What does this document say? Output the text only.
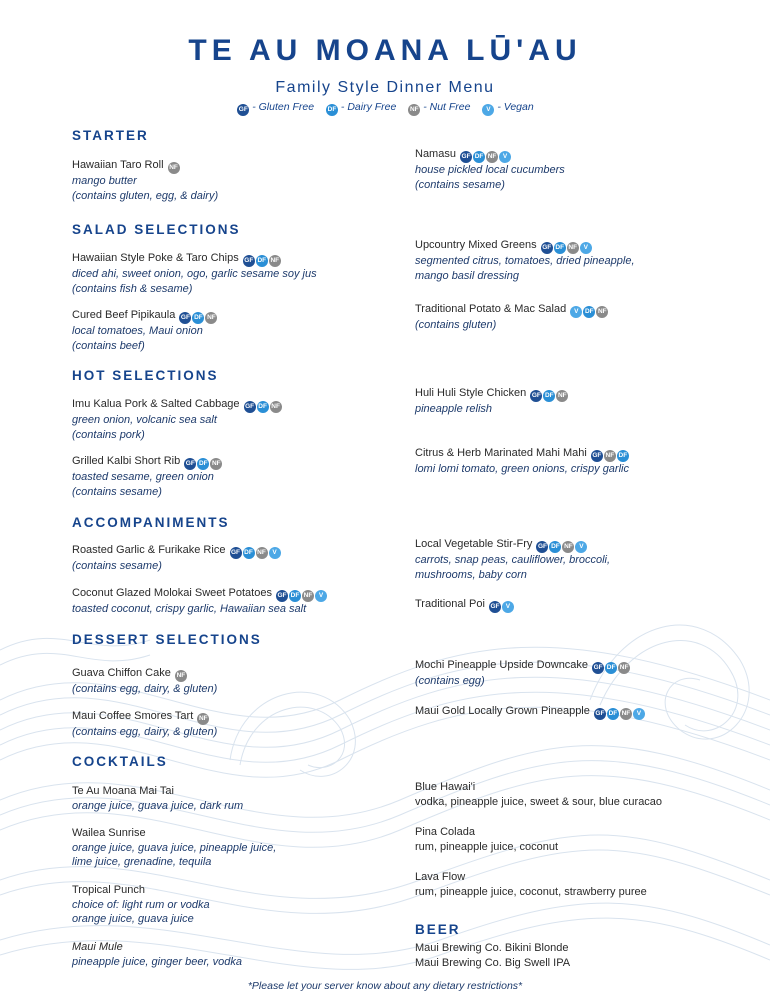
TE AU MOANA LŪ'AU
Family Style Dinner Menu
GF - Gluten Free DF - Dairy Free NF - Nut Free V - Vegan
STARTER
Hawaiian Taro Roll NF
mango butter
(contains gluten, egg, & dairy)
Namasu GF DF NF V
house pickled local cucumbers
(contains sesame)
SALAD SELECTIONS
Hawaiian Style Poke & Taro Chips GF DF NF
diced ahi, sweet onion, ogo, garlic sesame soy jus
(contains fish & sesame)
Cured Beef Pipikaula GF DF NF
local tomatoes, Maui onion
(contains beef)
Upcountry Mixed Greens GF DF NF V
segmented citrus, tomatoes, dried pineapple,
mango basil dressing
Traditional Potato & Mac Salad V DF NF
(contains gluten)
HOT SELECTIONS
Imu Kalua Pork & Salted Cabbage GF DF NF
green onion, volcanic sea salt
(contains pork)
Grilled Kalbi Short Rib GF DF NF
toasted sesame, green onion
(contains sesame)
Huli Huli Style Chicken GF DF NF
pineapple relish
Citrus & Herb Marinated Mahi Mahi GF NF DF
lomi lomi tomato, green onions, crispy garlic
ACCOMPANIMENTS
Roasted Garlic & Furikake Rice GF DF NF V
(contains sesame)
Coconut Glazed Molokai Sweet Potatoes GF DF NF V
toasted coconut, crispy garlic, Hawaiian sea salt
Local Vegetable Stir-Fry GF DF NF V
carrots, snap peas, cauliflower, broccoli,
mushrooms, baby corn
Traditional Poi GF V
DESSERT SELECTIONS
Guava Chiffon Cake NF
(contains egg, dairy, & gluten)
Maui Coffee Smores Tart NF
(contains egg, dairy, & gluten)
Mochi Pineapple Upside Downcake GF DF NF
(contains egg)
Maui Gold Locally Grown Pineapple GF DF NF V
COCKTAILS
Te Au Moana Mai Tai
orange juice, guava juice, dark rum
Wailea Sunrise
orange juice, guava juice, pineapple juice,
lime juice, grenadine, tequila
Tropical Punch
choice of: light rum or vodka
orange juice, guava juice
Maui Mule
pineapple juice, ginger beer, vodka
Blue Hawai'i
vodka, pineapple juice, sweet & sour, blue curacao
Pina Colada
rum, pineapple juice, coconut
Lava Flow
rum, pineapple juice, coconut, strawberry puree
BEER
Maui Brewing Co. Bikini Blonde
Maui Brewing Co. Big Swell IPA
*Please let your server know about any dietary restrictions*
